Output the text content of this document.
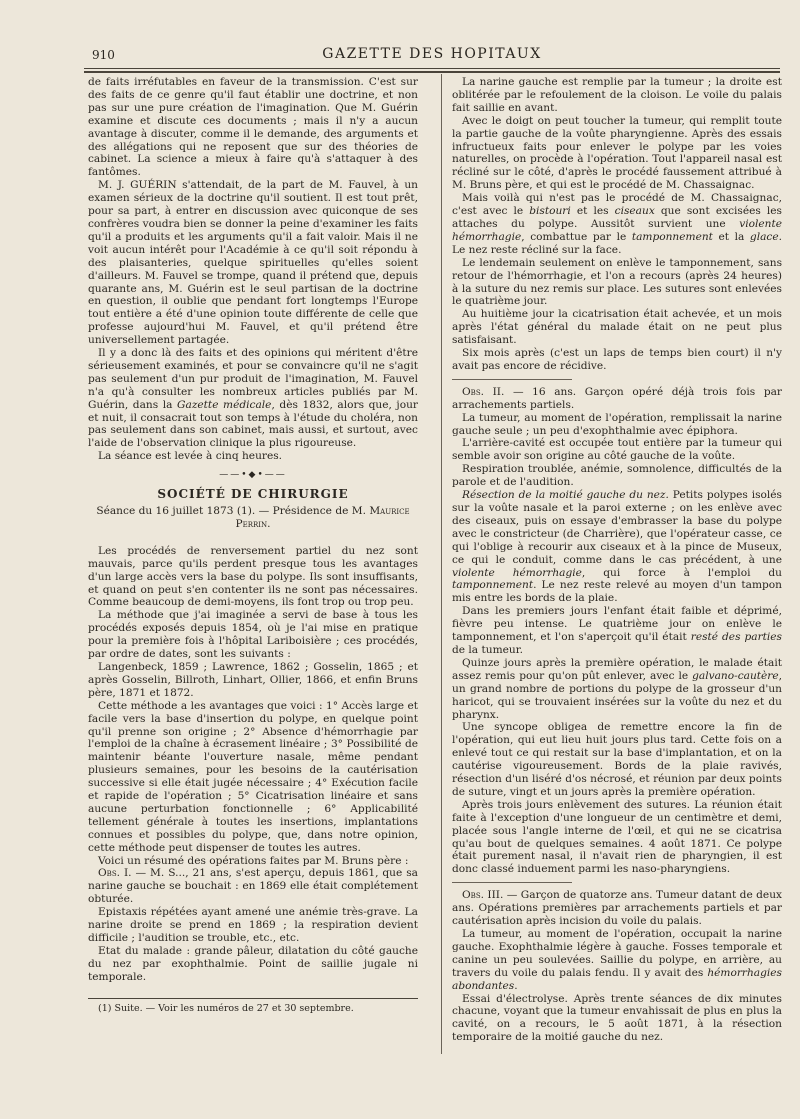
910	GAZETTE DES HOPITAUX

de faits irréfutables en faveur de la transmission. C'est sur des faits de ce genre qu'il faut établir une doctrine, et non pas sur une pure création de l'imagination. Que M. Guérin examine et discute ces documents ; mais il n'y a aucun avantage à discuter, comme il le demande, des arguments et des allégations qui ne reposent que sur des théories de cabinet. La science a mieux à faire qu'à s'attaquer à des fantômes.

M. J. GUÉRIN s'attendait, de la part de M. Fauvel, à un examen sérieux de la doctrine qu'il soutient. Il est tout prêt, pour sa part, à entrer en discussion avec quiconque de ses confrères voudra bien se donner la peine d'examiner les faits qu'il a produits et les arguments qu'il a fait valoir. Mais il ne voit aucun intérêt pour l'Académie à ce qu'il soit répondu à des plaisanteries, quelque spirituelles qu'elles soient d'ailleurs. M. Fauvel se trompe, quand il prétend que, depuis quarante ans, M. Guérin est le seul partisan de la doctrine en question, il oublie que pendant fort longtemps l'Europe tout entière a été d'une opinion toute différente de celle que professe aujourd'hui M. Fauvel, et qu'il prétend être universellement partagée.

Il y a donc là des faits et des opinions qui méritent d'être sérieusement examinés, et pour se convaincre qu'il ne s'agit pas seulement d'un pur produit de l'imagination, M. Fauvel n'a qu'à consulter les nombreux articles publiés par M. Guérin, dans la Gazette médicale, dès 1832, alors que, jour et nuit, il consacrait tout son temps à l'étude du choléra, non pas seulement dans son cabinet, mais aussi, et surtout, avec l'aide de l'observation clinique la plus rigoureuse.

La séance est levée à cinq heures.

——•◆•——
SOCIÉTÉ DE CHIRURGIE
Séance du 16 juillet 1873 (1). — Présidence de M. Maurice Perrin.

Les procédés de renversement partiel du nez sont mauvais, parce qu'ils perdent presque tous les avantages d'un large accès vers la base du polype. Ils sont insuffisants, et quand on peut s'en contenter ils ne sont pas nécessaires. Comme beaucoup de demi-moyens, ils font trop ou trop peu.

La méthode que j'ai imaginée a servi de base à tous les procédés exposés depuis 1854, où je l'ai mise en pratique pour la première fois à l'hôpital Lariboisière ; ces procédés, par ordre de dates, sont les suivants :

Langenbeck, 1859 ; Lawrence, 1862 ; Gosselin, 1865 ; et après Gosselin, Billroth, Linhart, Ollier, 1866, et enfin Bruns père, 1871 et 1872.

Cette méthode a les avantages que voici : 1° Accès large et facile vers la base d'insertion du polype, en quelque point qu'il prenne son origine ; 2° Absence d'hémorrhagie par l'emploi de la chaîne à écrasement linéaire ; 3° Possibilité de maintenir béante l'ouverture nasale, même pendant plusieurs semaines, pour les besoins de la cautérisation successive si elle était jugée nécessaire ; 4° Exécution facile et rapide de l'opération ; 5° Cicatrisation linéaire et sans aucune perturbation fonctionnelle ; 6° Applicabilité tellement générale à toutes les insertions, implantations connues et possibles du polype, que, dans notre opinion, cette méthode peut dispenser de toutes les autres.

Voici un résumé des opérations faites par M. Bruns père :

Obs. I. — M. S..., 21 ans, s'est aperçu, depuis 1861, que sa narine gauche se bouchait : en 1869 elle était complétement obturée.

Epistaxis répétées ayant amené une anémie très-grave. La narine droite se prend en 1869 ; la respiration devient difficile ; l'audition se trouble, etc., etc.

Etat du malade : grande pâleur, dilatation du côté gauche du nez par exophthalmie. Point de saillie jugale ni temporale.

(1) Suite. — Voir les numéros de 27 et 30 septembre.

La narine gauche est remplie par la tumeur ; la droite est oblitérée par le refoulement de la cloison. Le voile du palais fait saillie en avant.

Avec le doigt on peut toucher la tumeur, qui remplit toute la partie gauche de la voûte pharyngienne. Après des essais infructueux faits pour enlever le polype par les voies naturelles, on procède à l'opération. Tout l'appareil nasal est récliné sur le côté, d'après le procédé faussement attribué à M. Bruns père, et qui est le procédé de M. Chassaignac.

Mais voilà qui n'est pas le procédé de M. Chassaignac, c'est avec le bistouri et les ciseaux que sont excisées les attaches du polype. Aussitôt survient une violente hémorrhagie, combattue par le tamponnement et la glace. Le nez reste récliné sur la face.

Le lendemain seulement on enlève le tamponnement, sans retour de l'hémorrhagie, et l'on a recours (après 24 heures) à la suture du nez remis sur place. Les sutures sont enlevées le quatrième jour.

Au huitième jour la cicatrisation était achevée, et un mois après l'état général du malade était on ne peut plus satisfaisant.

Six mois après (c'est un laps de temps bien court) il n'y avait pas encore de récidive.

Obs. II. — 16 ans. Garçon opéré déjà trois fois par arrachements partiels.

La tumeur, au moment de l'opération, remplissait la narine gauche seule ; un peu d'exophthalmie avec épiphora.

L'arrière-cavité est occupée tout entière par la tumeur qui semble avoir son origine au côté gauche de la voûte.

Respiration troublée, anémie, somnolence, difficultés de la parole et de l'audition.

Résection de la moitié gauche du nez. Petits polypes isolés sur la voûte nasale et la paroi externe ; on les enlève avec des ciseaux, puis on essaye d'embrasser la base du polype avec le constricteur (de Charrière), que l'opérateur casse, ce qui l'oblige à recourir aux ciseaux et à la pince de Museux, ce qui le conduit, comme dans le cas précédent, à une violente hémorrhagie, qui force à l'emploi du tamponnement. Le nez reste relevé au moyen d'un tampon mis entre les bords de la plaie.

Dans les premiers jours l'enfant était faible et déprimé, fièvre peu intense. Le quatrième jour on enlève le tamponnement, et l'on s'aperçoit qu'il était resté des parties de la tumeur.

Quinze jours après la première opération, le malade était assez remis pour qu'on pût enlever, avec le galvano-cautère, un grand nombre de portions du polype de la grosseur d'un haricot, qui se trouvaient insérées sur la voûte du nez et du pharynx.

Une syncope obligea de remettre encore la fin de l'opération, qui eut lieu huit jours plus tard. Cette fois on a enlevé tout ce qui restait sur la base d'implantation, et on la cautérise vigoureusement. Bords de la plaie ravivés, résection d'un liséré d'os nécrosé, et réunion par deux points de suture, vingt et un jours après la première opération.

Après trois jours enlèvement des sutures. La réunion était faite à l'exception d'une longueur de un centimètre et demi, placée sous l'angle interne de l'œil, et qui ne se cicatrisa qu'au bout de quelques semaines. 4 août 1871. Ce polype était purement nasal, il n'avait rien de pharyngien, il est donc classé induement parmi les naso-pharyngiens.

Obs. III. — Garçon de quatorze ans. Tumeur datant de deux ans. Opérations premières par arrachements partiels et par cautérisation après incision du voile du palais.

La tumeur, au moment de l'opération, occupait la narine gauche. Exophthalmie légère à gauche. Fosses temporale et canine un peu soulevées. Saillie du polype, en arrière, au travers du voile du palais fendu. Il y avait des hémorrhagies abondantes.

Essai d'électrolyse. Après trente séances de dix minutes chacune, voyant que la tumeur envahissait de plus en plus la cavité, on a recours, le 5 août 1871, à la résection temporaire de la moitié gauche du nez.
